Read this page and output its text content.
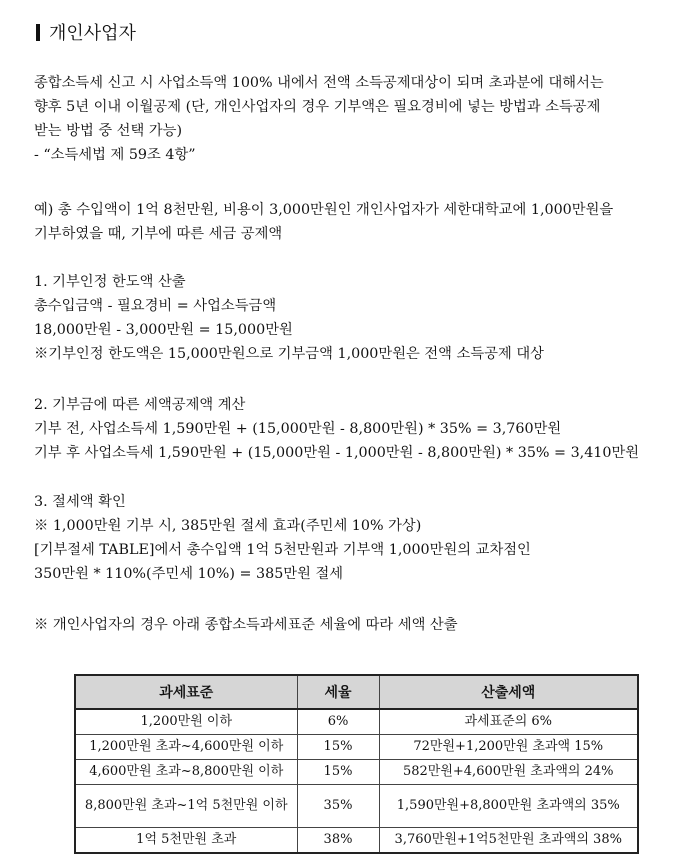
개인사업자
종합소득세 신고 시 사업소득액 100% 내에서 전액 소득공제대상이 되며 초과분에 대해서는
향후 5년 이내 이월공제 (단, 개인사업자의 경우 기부액은 필요경비에 넣는 방법과 소득공제
받는 방법 중 선택 가능)
- “소득세법 제 59조 4항”
예) 총 수입액이 1억 8천만원, 비용이 3,000만원인 개인사업자가 세한대학교에 1,000만원을
기부하였을 때, 기부에 따른 세금 공제액
1. 기부인정 한도액 산출
총수입금액 - 필요경비 = 사업소득금액
18,000만원 - 3,000만원 = 15,000만원
※기부인정 한도액은 15,000만원으로 기부금액 1,000만원은 전액 소득공제 대상
2. 기부금에 따른 세액공제액 계산
기부 전, 사업소득세 1,590만원 + (15,000만원 - 8,800만원) * 35% = 3,760만원
기부 후 사업소득세 1,590만원 + (15,000만원 - 1,000만원 - 8,800만원) * 35% = 3,410만원
3. 절세액 확인
※ 1,000만원 기부 시, 385만원 절세 효과(주민세 10% 가상)
[기부절세 TABLE]에서 총수입액 1억 5천만원과 기부액 1,000만원의 교차점인
350만원 * 110%(주민세 10%) = 385만원 절세
※ 개인사업자의 경우 아래 종합소득과세표준 세율에 따라 세액 산출
과세표준	세율	산출세액
1,200만원 이하	6%	과세표준의 6%
1,200만원 초과~4,600만원 이하	15%	72만원+1,200만원 초과액 15%
4,600만원 초과~8,800만원 이하	15%	582만원+4,600만원 초과액의 24%
8,800만원 초과~1억 5천만원 이하	35%	1,590만원+8,800만원 초과액의 35%
1억 5천만원 초과	38%	3,760만원+1억5천만원 초과액의 38%
